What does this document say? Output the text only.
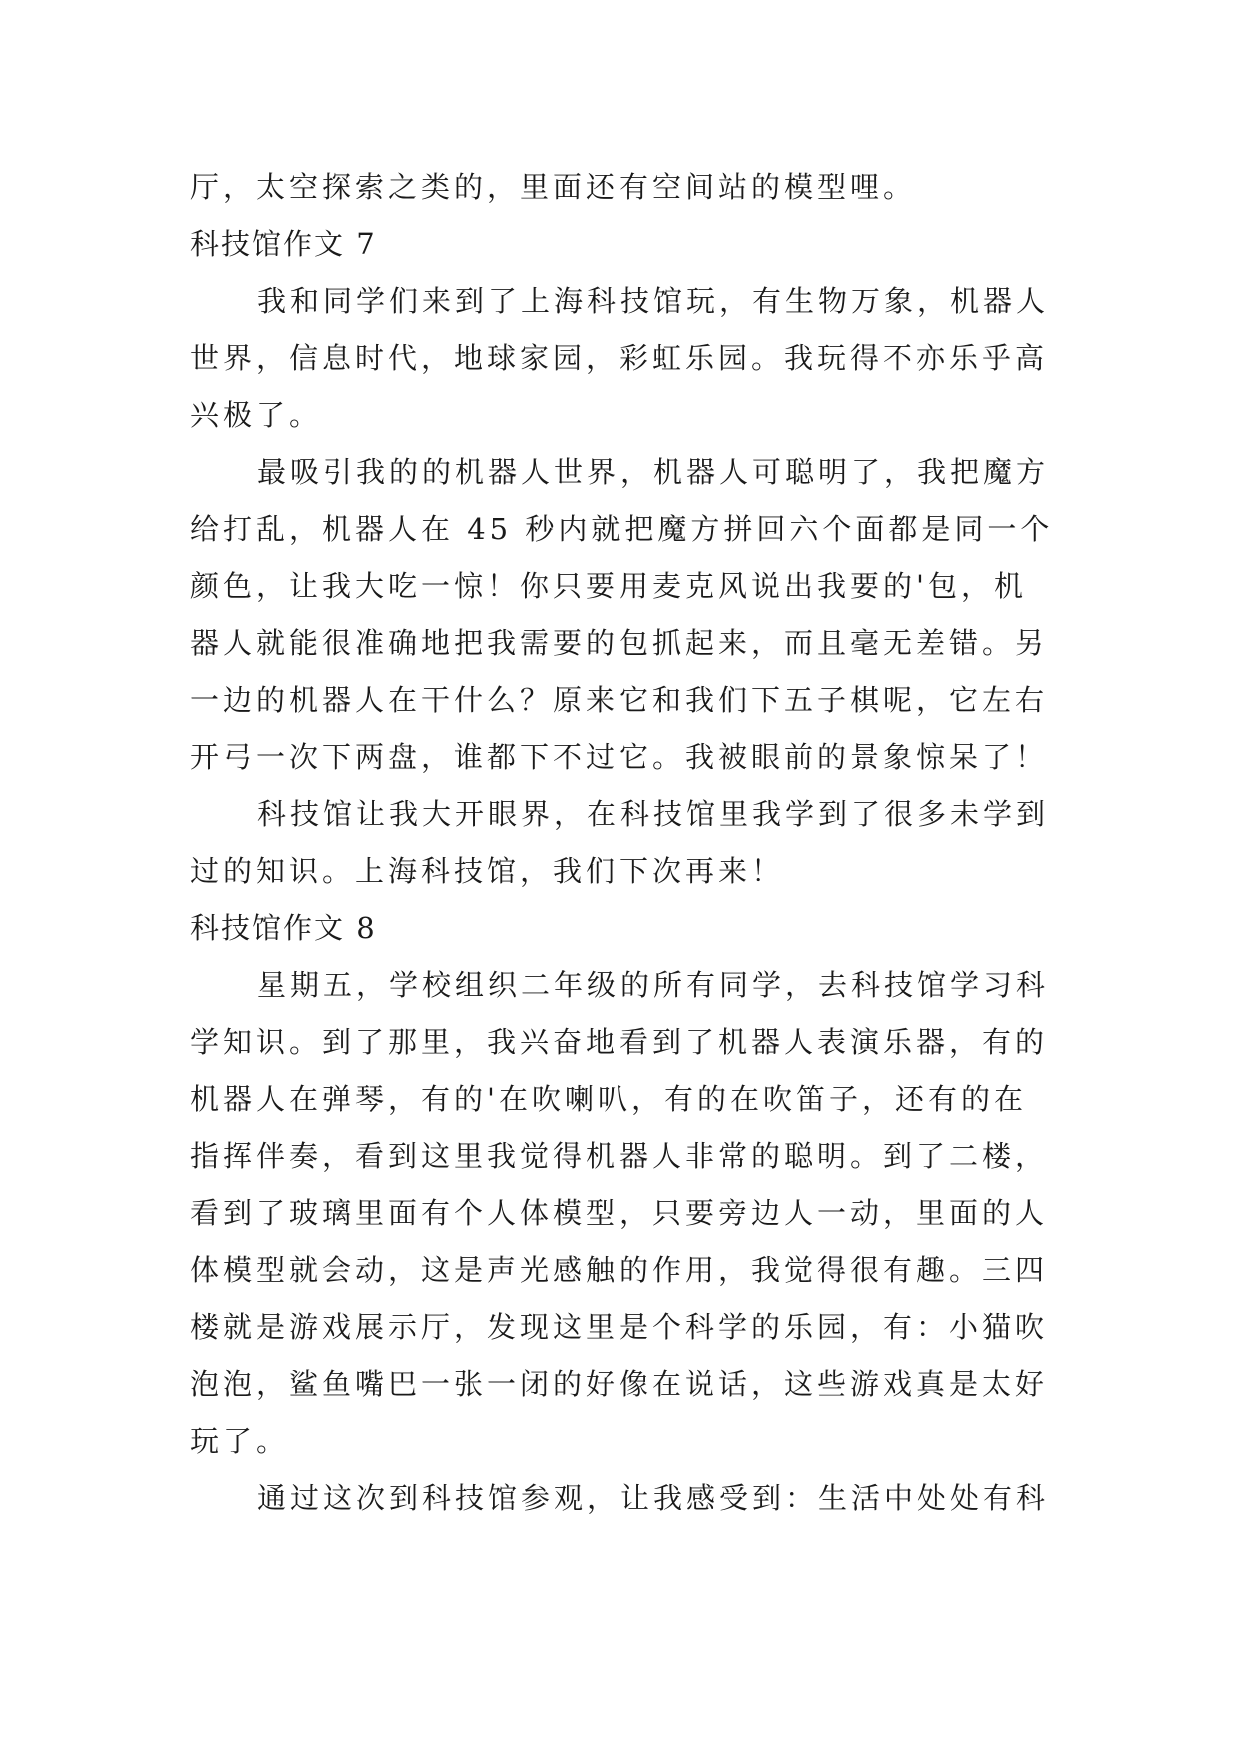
厅，太空探索之类的，里面还有空间站的模型哩。
科技馆作文 7
我和同学们来到了上海科技馆玩，有生物万象，机器人
世界，信息时代，地球家园，彩虹乐园。我玩得不亦乐乎高
兴极了。
最吸引我的的机器人世界，机器人可聪明了，我把魔方
给打乱，机器人在 45 秒内就把魔方拼回六个面都是同一个
颜色，让我大吃一惊！你只要用麦克风说出我要的'包，机
器人就能很准确地把我需要的包抓起来，而且毫无差错。另
一边的机器人在干什么？原来它和我们下五子棋呢，它左右
开弓一次下两盘，谁都下不过它。我被眼前的景象惊呆了！
科技馆让我大开眼界，在科技馆里我学到了很多未学到
过的知识。上海科技馆，我们下次再来！
科技馆作文 8
星期五，学校组织二年级的所有同学，去科技馆学习科
学知识。到了那里，我兴奋地看到了机器人表演乐器，有的
机器人在弹琴，有的'在吹喇叭，有的在吹笛子，还有的在
指挥伴奏，看到这里我觉得机器人非常的聪明。到了二楼，
看到了玻璃里面有个人体模型，只要旁边人一动，里面的人
体模型就会动，这是声光感触的作用，我觉得很有趣。三四
楼就是游戏展示厅，发现这里是个科学的乐园，有：小猫吹
泡泡，鲨鱼嘴巴一张一闭的好像在说话，这些游戏真是太好
玩了。
通过这次到科技馆参观，让我感受到：生活中处处有科
